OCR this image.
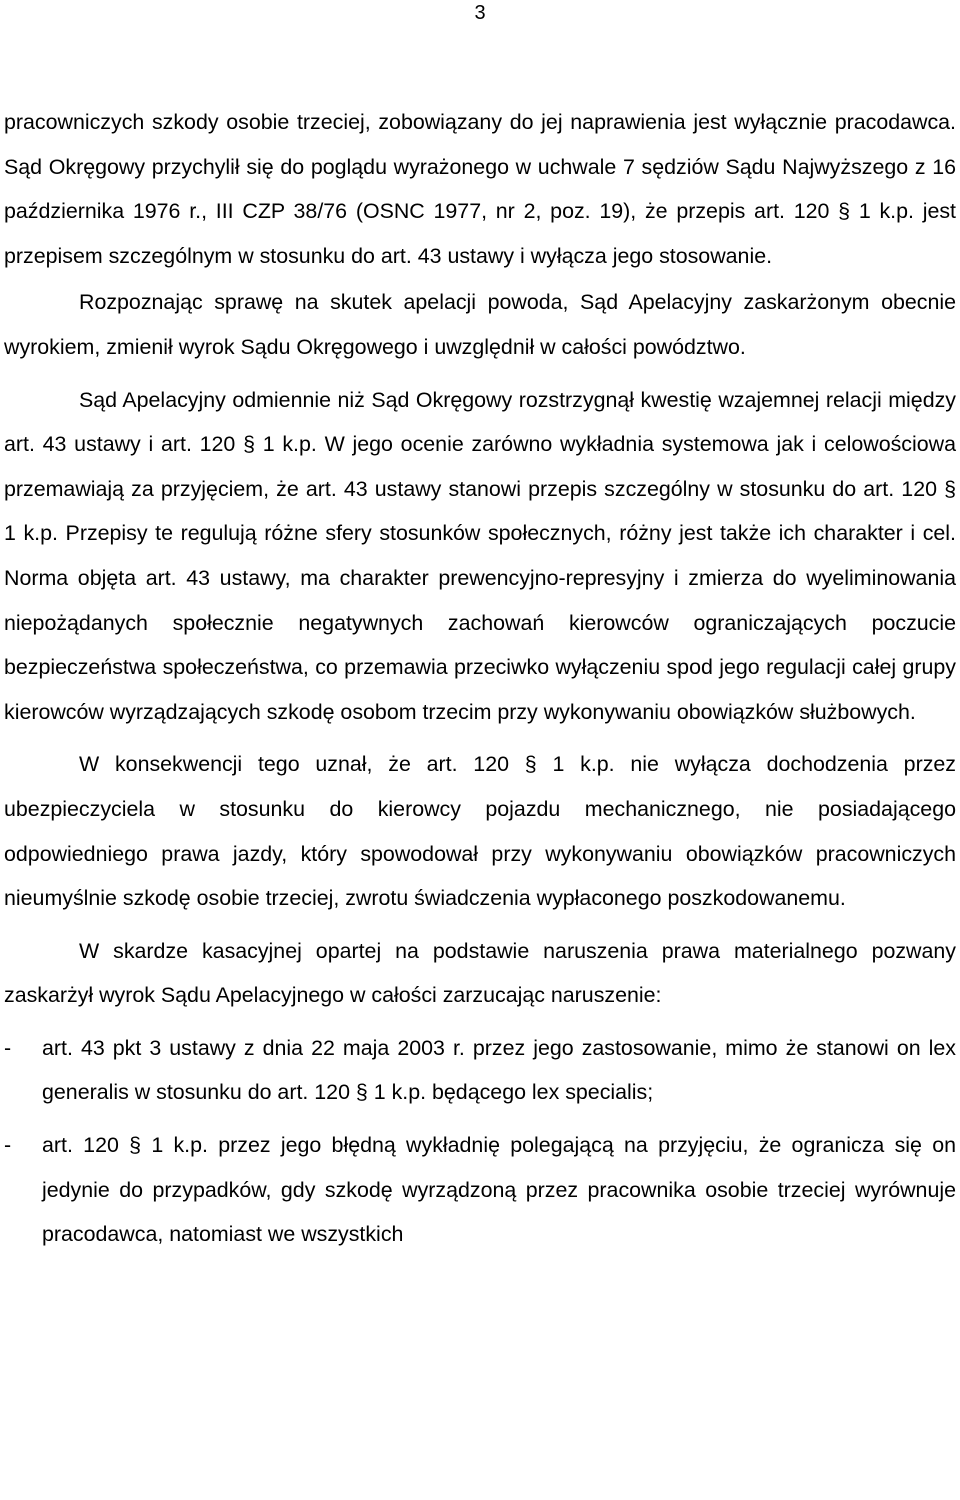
3

pracowniczych szkody osobie trzeciej, zobowiązany do jej naprawienia jest wyłącznie pracodawca. Sąd Okręgowy przychylił się do poglądu wyrażonego w uchwale 7 sędziów Sądu Najwyższego z 16 października 1976 r., III CZP 38/76 (OSNC 1977, nr 2, poz. 19), że przepis art. 120 § 1 k.p. jest przepisem szczególnym w stosunku do art. 43 ustawy i wyłącza jego stosowanie.

Rozpoznając sprawę na skutek apelacji powoda, Sąd Apelacyjny zaskarżonym obecnie wyrokiem, zmienił wyrok Sądu Okręgowego i uwzględnił w całości powództwo.

Sąd Apelacyjny odmiennie niż Sąd Okręgowy rozstrzygnął kwestię wzajemnej relacji między art. 43 ustawy i art. 120 § 1 k.p. W jego ocenie zarówno wykładnia systemowa jak i celowościowa przemawiają za przyjęciem, że art. 43 ustawy stanowi przepis szczególny w stosunku do art. 120 § 1 k.p. Przepisy te regulują różne sfery stosunków społecznych, różny jest także ich charakter i cel. Norma objęta art. 43 ustawy, ma charakter prewencyjno-represyjny i zmierza do wyeliminowania niepożądanych społecznie negatywnych zachowań kierowców ograniczających poczucie bezpieczeństwa społeczeństwa, co przemawia przeciwko wyłączeniu spod jego regulacji całej grupy kierowców wyrządzających szkodę osobom trzecim przy wykonywaniu obowiązków służbowych.

W konsekwencji tego uznał, że art. 120 § 1 k.p. nie wyłącza dochodzenia przez ubezpieczyciela w stosunku do kierowcy pojazdu mechanicznego, nie posiadającego odpowiedniego prawa jazdy, który spowodował przy wykonywaniu obowiązków pracowniczych nieumyślnie szkodę osobie trzeciej, zwrotu świadczenia wypłaconego poszkodowanemu.

W skardze kasacyjnej opartej na podstawie naruszenia prawa materialnego pozwany zaskarżył wyrok Sądu Apelacyjnego w całości zarzucając naruszenie:

-	art. 43 pkt 3 ustawy z dnia 22 maja 2003 r. przez jego zastosowanie, mimo że stanowi on lex generalis w stosunku do art. 120 § 1 k.p. będącego lex specialis;
-	art. 120 § 1 k.p. przez jego błędną wykładnię polegającą na przyjęciu, że ogranicza się on jedynie do przypadków, gdy szkodę wyrządzoną przez pracownika osobie trzeciej wyrównuje pracodawca, natomiast we wszystkich
